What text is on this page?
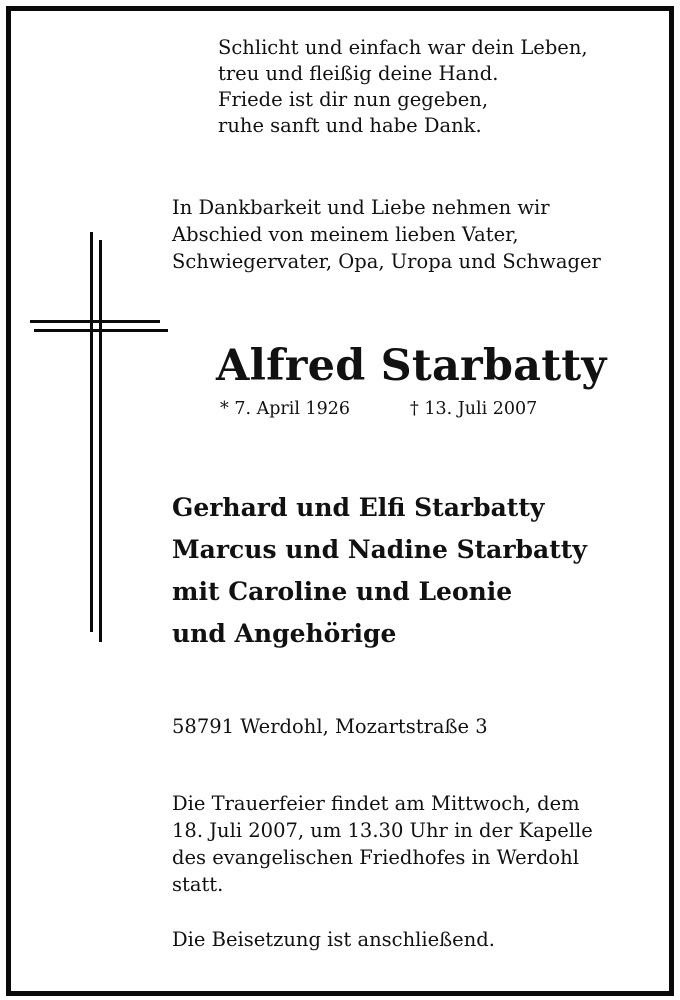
Schlicht und einfach war dein Leben,
treu und fleißig deine Hand.
Friede ist dir nun gegeben,
ruhe sanft und habe Dank.
In Dankbarkeit und Liebe nehmen wir
Abschied von meinem lieben Vater,
Schwiegervater, Opa, Uropa und Schwager
Alfred Starbatty
* 7. April 1926	† 13. Juli 2007
Gerhard und Elfi Starbatty
Marcus und Nadine Starbatty
mit Caroline und Leonie
und Angehörige
58791 Werdohl, Mozartstraße 3
Die Trauerfeier findet am Mittwoch, dem
18. Juli 2007, um 13.30 Uhr in der Kapelle
des evangelischen Friedhofes in Werdohl
statt.
Die Beisetzung ist anschließend.
